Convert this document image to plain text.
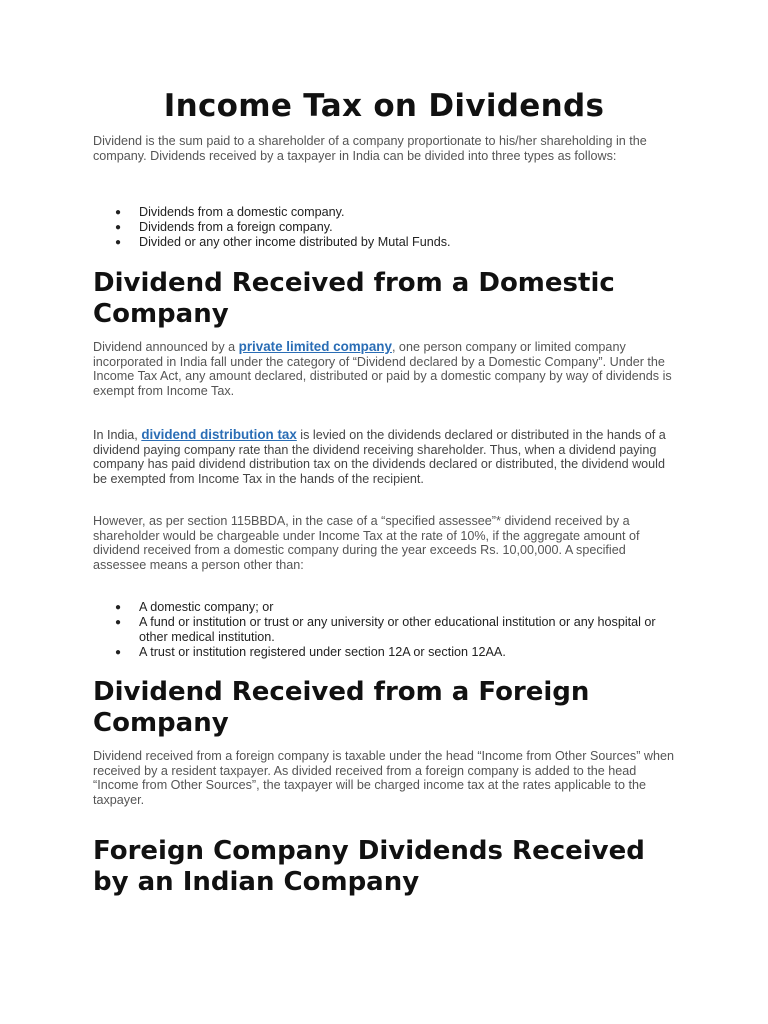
Income Tax on Dividends

Dividend is the sum paid to a shareholder of a company proportionate to his/her shareholding in the company. Dividends received by a taxpayer in India can be divided into three types as follows:

● Dividends from a domestic company.
● Dividends from a foreign company.
● Divided or any other income distributed by Mutal Funds.
Dividend Received from a Domestic Company

Dividend announced by a private limited company, one person company or limited company incorporated in India fall under the category of “Dividend declared by a Domestic Company”. Under the Income Tax Act, any amount declared, distributed or paid by a domestic company by way of dividends is exempt from Income Tax.

In India, dividend distribution tax is levied on the dividends declared or distributed in the hands of a dividend paying company rate than the dividend receiving shareholder. Thus, when a dividend paying company has paid dividend distribution tax on the dividends declared or distributed, the dividend would be exempted from Income Tax in the hands of the recipient.

However, as per section 115BBDA, in the case of a “specified assessee”* dividend received by a shareholder would be chargeable under Income Tax at the rate of 10%, if the aggregate amount of dividend received from a domestic company during the year exceeds Rs. 10,00,000. A specified assessee means a person other than:

● A domestic company; or
● A fund or institution or trust or any university or other educational institution or any hospital or other medical institution.
● A trust or institution registered under section 12A or section 12AA.
Dividend Received from a Foreign Company

Dividend received from a foreign company is taxable under the head “Income from Other Sources” when received by a resident taxpayer. As divided received from a foreign company is added to the head “Income from Other Sources”, the taxpayer will be charged income tax at the rates applicable to the taxpayer.

Foreign Company Dividends Received by an Indian Company
